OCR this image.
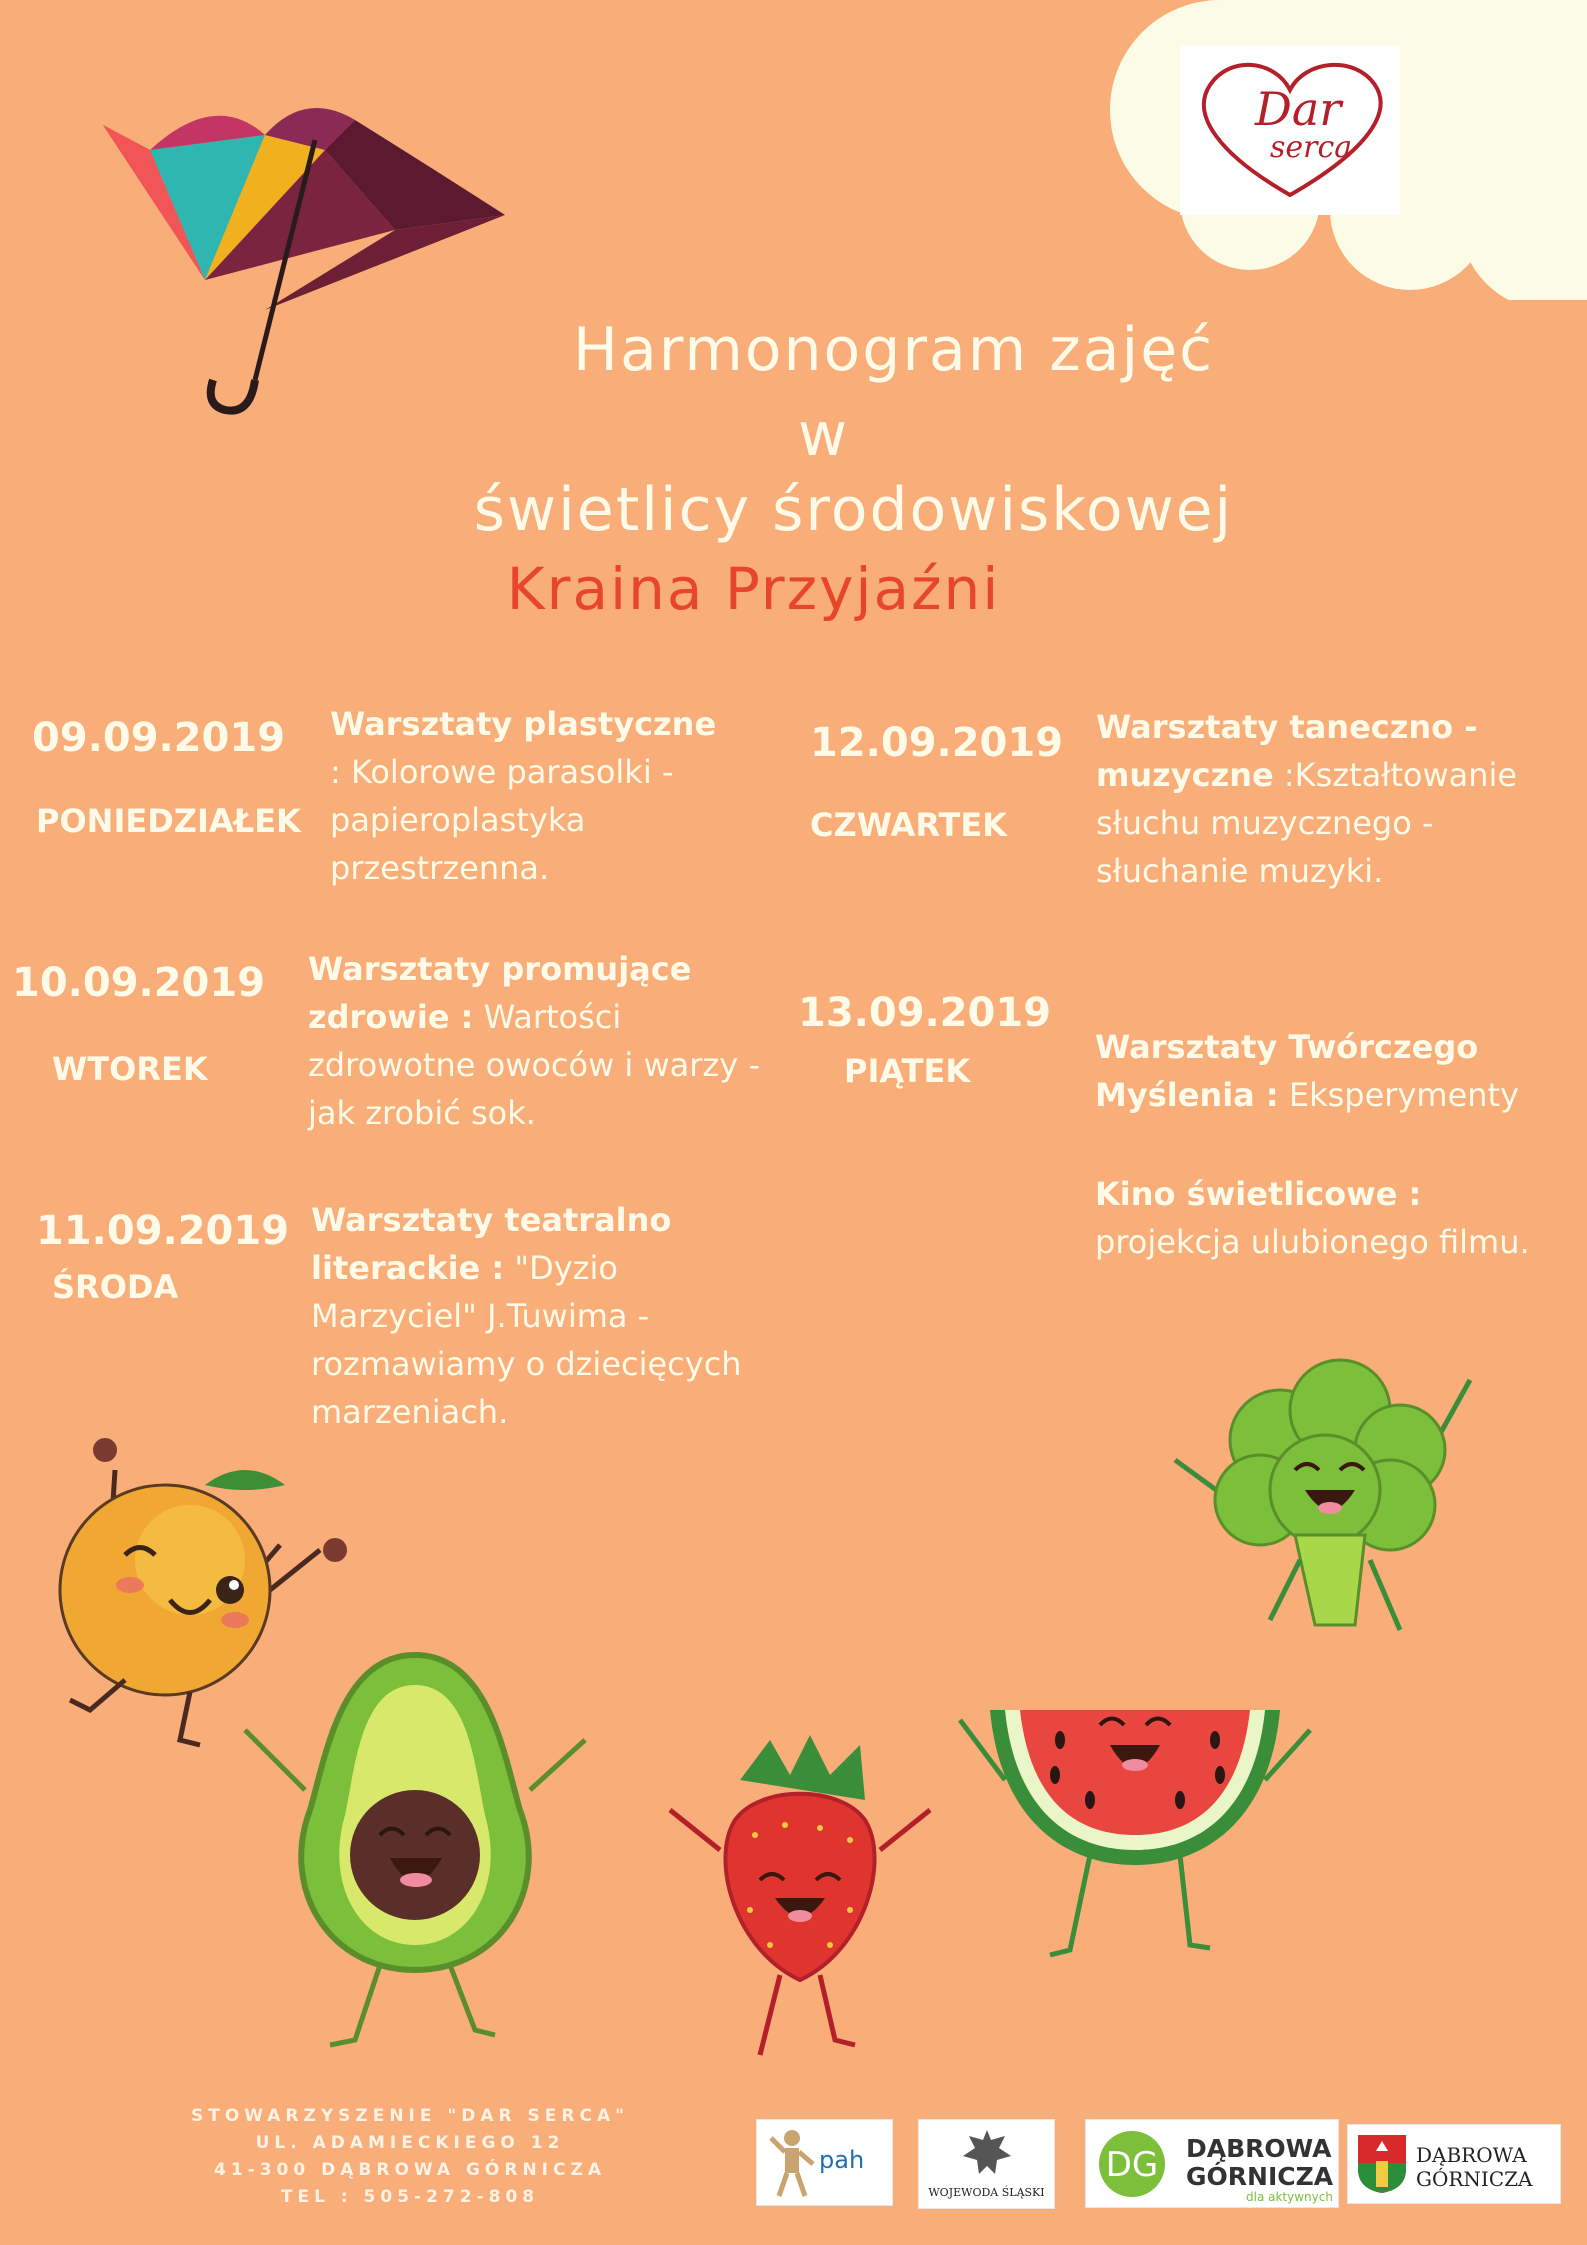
Dar
serca
Harmonogram zajęć
w
świetlicy środowiskowej
Kraina Przyjaźni
09.09.2019
PONIEDZIAŁEK
Warsztaty plastyczne
: Kolorowe parasolki - papieroplastyka przestrzenna.
10.09.2019
WTOREK
Warsztaty promujące zdrowie : Wartości zdrowotne owoców i warzy - jak zrobić sok.
11.09.2019
ŚRODA
Warsztaty teatralno literackie : "Dyzio Marzyciel" J.Tuwima - rozmawiamy o dziecięcych marzeniach.
12.09.2019
CZWARTEK
Warsztaty taneczno - muzyczne :Kształtowanie słuchu muzycznego - słuchanie muzyki.
13.09.2019
PIĄTEK
Warsztaty Twórczego Myślenia : Eksperymenty
Kino świetlicowe : projekcja ulubionego filmu.
STOWARZYSZENIE "DAR SERCA"
UL. ADAMIECKIEGO 12
41-300 DĄBROWA GÓRNICZA
TEL : 505-272-808
pah
WOJEWODA ŚLĄSKI
DG DĄBROWA
GÓRNICZA
dla aktywnych
DĄBROWA
GÓRNICZA
